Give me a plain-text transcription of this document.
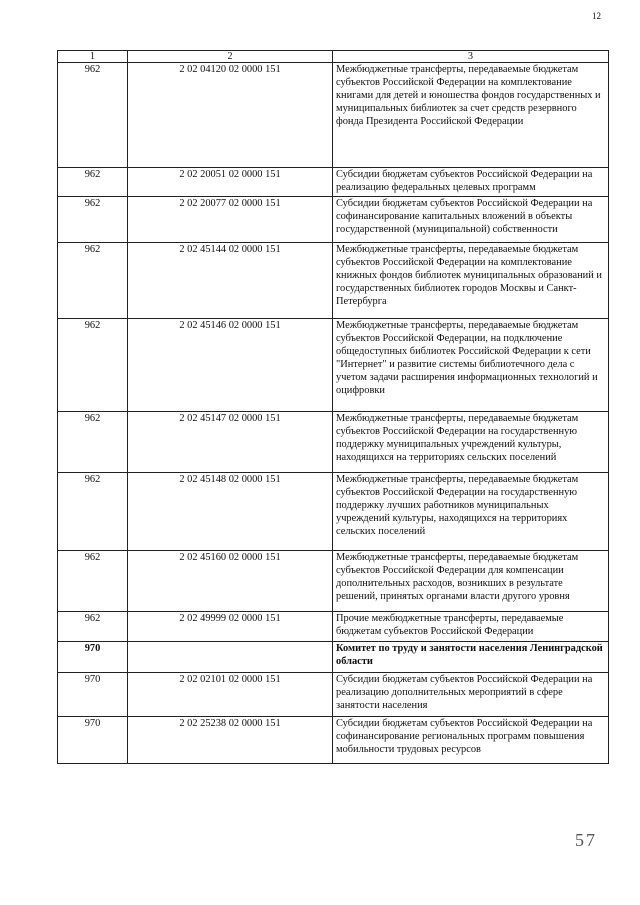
12
1	2	3
962	2 02 04120 02 0000 151	Межбюджетные трансферты, передаваемые бюджетам субъектов Российской Федерации на комплектование книгами для детей и юношества фондов государственных и муниципальных библиотек за счет средств резервного фонда Президента Российской Федерации
962	2 02 20051 02 0000 151	Субсидии бюджетам субъектов Российской Федерации на реализацию федеральных целевых программ
962	2 02 20077 02 0000 151	Субсидии бюджетам субъектов Российской Федерации на софинансирование капитальных вложений в объекты государственной (муниципальной) собственности
962	2 02 45144 02 0000 151	Межбюджетные трансферты, передаваемые бюджетам субъектов Российской Федерации на комплектование книжных фондов библиотек муниципальных образований и государственных библиотек городов Москвы и Санкт-Петербурга
962	2 02 45146 02 0000 151	Межбюджетные трансферты, передаваемые бюджетам субъектов Российской Федерации, на подключение общедоступных библиотек Российской Федерации к сети "Интернет" и развитие системы библиотечного дела с учетом задачи расширения информационных технологий и оцифровки
962	2 02 45147 02 0000 151	Межбюджетные трансферты, передаваемые бюджетам субъектов Российской Федерации на государственную поддержку муниципальных учреждений культуры, находящихся на территориях сельских поселений
962	2 02 45148 02 0000 151	Межбюджетные трансферты, передаваемые бюджетам субъектов Российской Федерации на государственную поддержку лучших работников муниципальных учреждений культуры, находящихся на территориях сельских поселений
962	2 02 45160 02 0000 151	Межбюджетные трансферты, передаваемые бюджетам субъектов Российской Федерации для компенсации дополнительных расходов, возникших в результате решений, принятых органами власти другого уровня
962	2 02 49999 02 0000 151	Прочие межбюджетные трансферты, передаваемые бюджетам субъектов Российской Федерации
970		Комитет по труду и занятости населения Ленинградской области
970	2 02 02101 02 0000 151	Субсидии бюджетам субъектов Российской Федерации на реализацию дополнительных мероприятий в сфере занятости населения
970	2 02 25238 02 0000 151	Субсидии бюджетам субъектов Российской Федерации на софинансирование региональных программ повышения мобильности трудовых ресурсов
57
